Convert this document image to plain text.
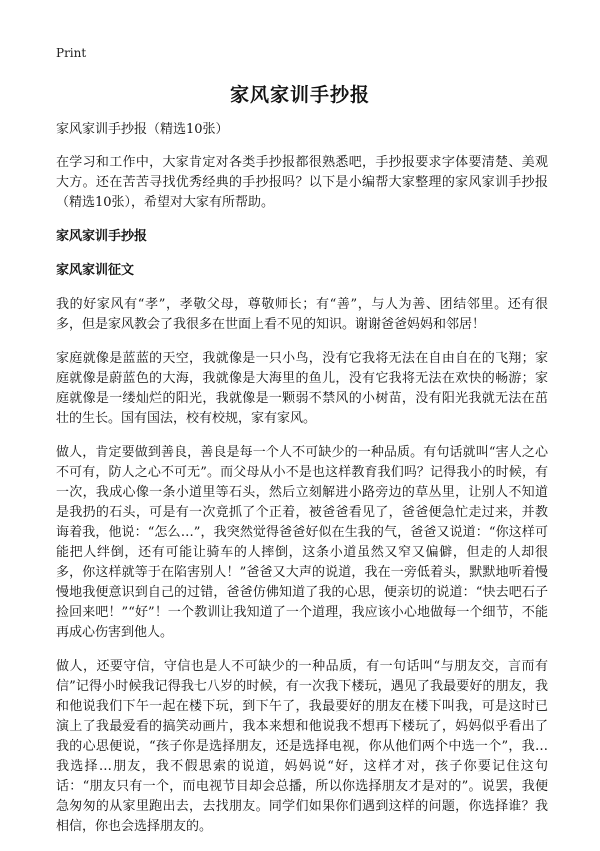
Print
家风家训手抄报
家风家训手抄报（精选10张）
在学习和工作中，大家肯定对各类手抄报都很熟悉吧，手抄报要求字体要清楚、美观大方。还在苦苦寻找优秀经典的手抄报吗？以下是小编帮大家整理的家风家训手抄报（精选10张），希望对大家有所帮助。
家风家训手抄报
家风家训征文
我的好家风有“孝”，孝敬父母，尊敬师长；有“善”，与人为善、团结邻里。还有很多，但是家风教会了我很多在世面上看不见的知识。谢谢爸爸妈妈和邻居！
家庭就像是蓝蓝的天空，我就像是一只小鸟，没有它我将无法在自由自在的飞翔；家庭就像是蔚蓝色的大海，我就像是大海里的鱼儿，没有它我将无法在欢快的畅游；家庭就像是一缕灿烂的阳光，我就像是一颗弱不禁风的小树苗，没有阳光我就无法在茁壮的生长。国有国法，校有校规，家有家风。
做人，肯定要做到善良，善良是每一个人不可缺少的一种品质。有句话就叫“害人之心不可有，防人之心不可无”。而父母从小不是也这样教育我们吗？记得我小的时候，有一次，我成心像一条小道里等石头，然后立刻解进小路旁边的草丛里，让别人不知道是我扔的石头，可是有一次竟抓了个正着，被爸爸看见了，爸爸便急忙走过来，并教诲着我，他说：“怎么…”，我突然觉得爸爸好似在生我的气，爸爸又说道：“你这样可能把人绊倒，还有可能让骑车的人摔倒，这条小道虽然又窄又偏僻，但走的人却很多，你这样就等于在陷害别人！”爸爸又大声的说道，我在一旁低着头，默默地听着慢慢地我便意识到自己的过错，爸爸仿佛知道了我的心思，便亲切的说道：“快去吧石子捡回来吧！”“好”！一个教训让我知道了一个道理，我应该小心地做每一个细节，不能再成心伤害到他人。
做人，还要守信，守信也是人不可缺少的一种品质，有一句话叫“与朋友交，言而有信”记得小时候我记得我七八岁的时候，有一次我下楼玩，遇见了我最要好的朋友，我和他说我们下午一起在楼下玩，到下午了，我最要好的朋友在楼下叫我，可是这时已演上了我最爱看的搞笑动画片，我本来想和他说我不想再下楼玩了，妈妈似乎看出了我的心思便说，“孩子你是选择朋友，还是选择电视，你从他们两个中选一个”，我…我选择…朋友，我不假思索的说道，妈妈说“好，这样才对，孩子你要记住这句话：“朋友只有一个，而电视节目却会总播，所以你选择朋友才是对的”。说罢，我便急匆匆的从家里跑出去，去找朋友。同学们如果你们遇到这样的问题，你选择谁？我相信，你也会选择朋友的。
